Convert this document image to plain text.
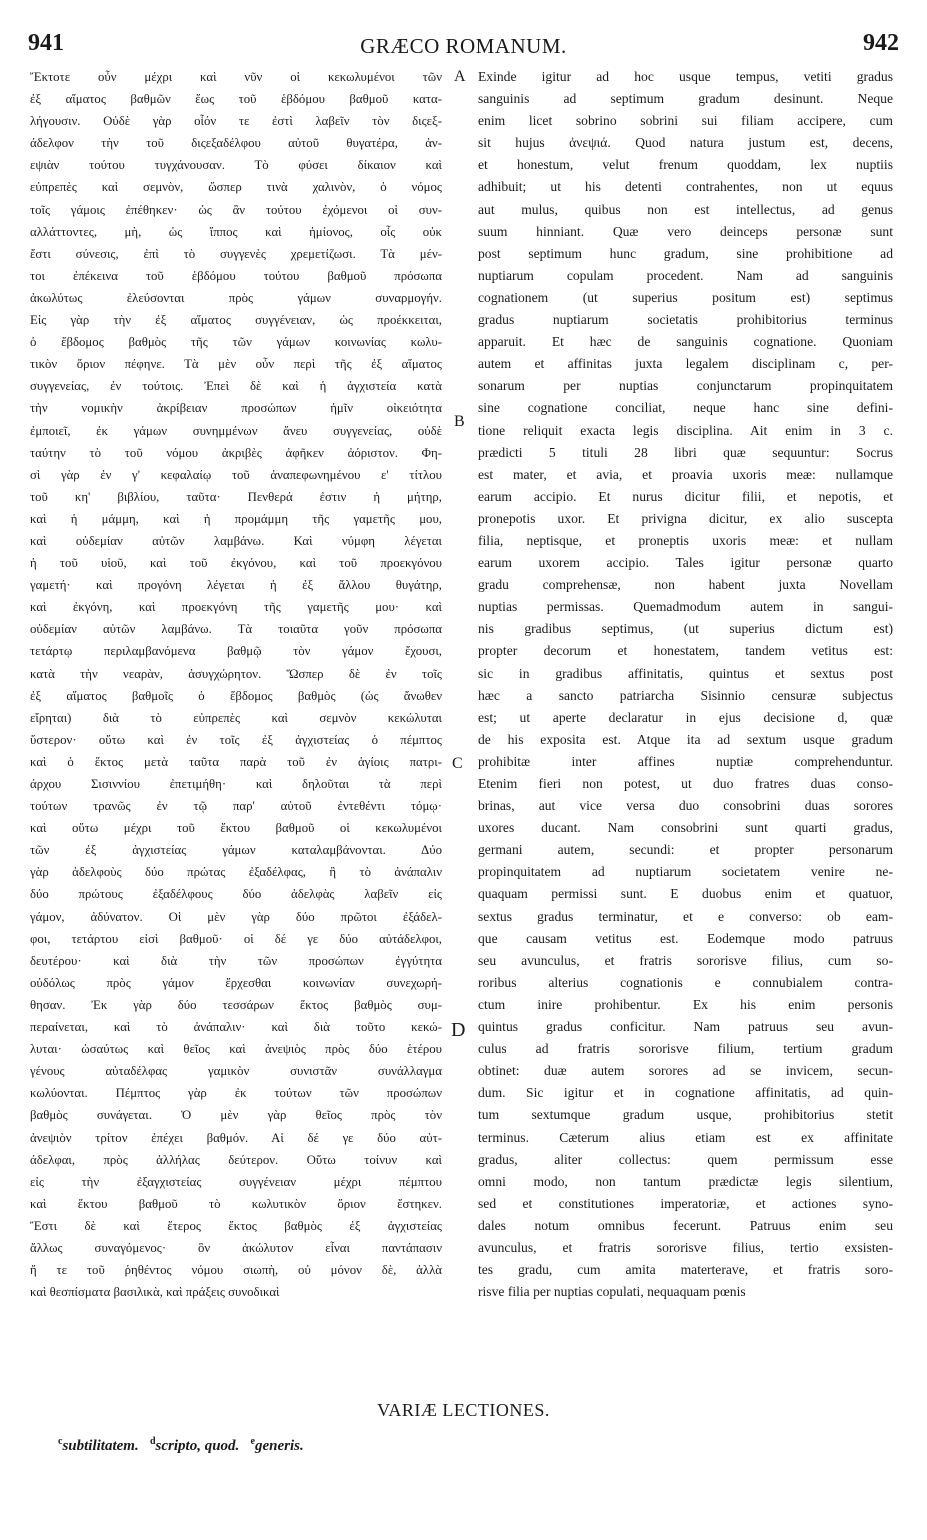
941	GRÆCO ROMANUM.	942
Ἔκτοτε οὖν μέχρι καὶ νῦν οἱ κεκωλυμένοι τῶν
ἐξ αἵματος βαθμῶν ἕως τοῦ ἑβδόμου βαθμοῦ κατα-
λήγουσιν. Οὐδὲ γὰρ οἷόν τε ἐστὶ λαβεῖν τὸν διςεξ-
άδελφον τὴν τοῦ διςεξαδέλφου αὐτοῦ θυγατέρα, ἀν-
εψιὰν τούτου τυγχάνουσαν. Τὸ φύσει δίκαιον καὶ
εὐπρεπὲς καὶ σεμνὸν, ὥσπερ τινὰ χαλινὸν, ὁ νόμος
τοῖς γάμοις ἐπέθηκεν· ὡς ἂν τούτου ἐχόμενοι οἱ συν-
αλλάττοντες, μὴ, ὡς ἵππος καὶ ἡμίονος, οἷς οὐκ
ἔστι σύνεσις, ἐπὶ τὸ συγγενὲς χρεμετίζωσι. Τὰ μέν-
τοι ἐπέκεινα τοῦ ἑβδόμου τούτου βαθμοῦ πρόσωπα
ἀκωλύτως ἐλεύσονται πρὸς γάμων συναρμογήν.
Εἰς γὰρ τὴν ἐξ αἵματος συγγένειαν, ὡς προέκκειται,
ὁ ἕβδομος βαθμὸς τῆς τῶν γάμων κοινωνίας κωλυ-
τικὸν ὅριον πέφηνε. Τὰ μὲν οὖν περὶ τῆς ἐξ αἵματος
συγγενείας, ἐν τούτοις. Ἐπεὶ δὲ καὶ ἡ ἀγχιστεία κατὰ
τὴν νομικὴν ἀκρίβειαν προσώπων ἡμῖν οἰκειότητα
ἐμποιεῖ, ἐκ γάμων συνημμένων ἄνευ συγγενείας, οὐδὲ
ταύτην τὸ τοῦ νόμου ἀκριβὲς ἀφῆκεν ἀόριστον. Φη-
σὶ γὰρ ἐν γ' κεφαλαίῳ τοῦ ἀναπεφωνημένου ε' τίτλου
τοῦ κη' βιβλίου, ταῦτα· Πενθερά ἐστιν ἡ μήτηρ,
καὶ ἡ μάμμη, καὶ ἡ προμάμμη τῆς γαμετῆς μου,
καὶ οὐδεμίαν αὐτῶν λαμβάνω. Καὶ νύμφη λέγεται
ἡ τοῦ υἱοῦ, καὶ τοῦ ἐκγόνου, καὶ τοῦ προεκγόνου
γαμετή· καὶ προγόνη λέγεται ἡ ἐξ ἄλλου θυγάτηρ,
καὶ ἐκγόνη, καὶ προεκγόνη τῆς γαμετῆς μου· καὶ
οὐδεμίαν αὐτῶν λαμβάνω. Τὰ τοιαῦτα γοῦν πρόσωπα
τετάρτῳ περιλαμβανόμενα βαθμῷ τὸν γάμον ἔχουσι,
κατὰ τὴν νεαρὰν, ἀσυγχώρητον. Ὥσπερ δὲ ἐν τοῖς
ἐξ αἵματος βαθμοῖς ὁ ἕβδομος βαθμὸς (ὡς ἄνωθεν
εἴρηται) διὰ τὸ εὐπρεπὲς καὶ σεμνὸν κεκώλυται
ὕστερον· οὕτω καὶ ἐν τοῖς ἐξ ἀγχιστείας ὁ πέμπτος
καὶ ὁ ἕκτος μετὰ ταῦτα παρὰ τοῦ ἐν ἁγίοις πατρι-
άρχου Σισιννίου ἐπετιμήθη· καὶ δηλοῦται τὰ περὶ
τούτων τρανῶς ἐν τῷ παρ' αὐτοῦ ἐντεθέντι τόμῳ·
καὶ οὕτω μέχρι τοῦ ἕκτου βαθμοῦ οἱ κεκωλυμένοι
τῶν ἐξ ἀγχιστείας γάμων καταλαμβάνονται. Δύο
γὰρ ἀδελφοὺς δύο πρώτας ἐξαδέλφας, ἢ τὸ ἀνάπαλιν
δύο πρώτους ἐξαδέλφους δύο ἀδελφὰς λαβεῖν εἰς
γάμον, ἀδύνατον. Οἱ μὲν γὰρ δύο πρῶτοι ἐξάδελ-
φοι, τετάρτου εἰσὶ βαθμοῦ· οἱ δέ γε δύο αὐτάδελφοι,
δευτέρου· καὶ διὰ τὴν τῶν προσώπων ἐγγύτητα
οὐδόλως πρὸς γάμον ἔρχεσθαι κοινωνίαν συνεχωρή-
θησαν. Ἐκ γὰρ δύο τεσσάρων ἕκτος βαθμὸς συμ-
περαίνεται, καὶ τὸ ἀνάπαλιν· καὶ διὰ τοῦτο κεκώ-
λυται· ὡσαύτως καὶ θεῖος καὶ ἀνεψιὸς πρὸς δύο ἑτέρου
γένους αὐταδέλφας γαμικὸν συνιστᾶν συνάλλαγμα
κωλύονται. Πέμπτος γὰρ ἐκ τούτων τῶν προσώπων
βαθμὸς συνάγεται. Ὁ μὲν γὰρ θεῖος πρὸς τὸν
ἀνεψιὸν τρίτον ἐπέχει βαθμόν. Αἱ δέ γε δύο αὐτ-
άδελφαι, πρὸς ἀλλήλας δεύτερον. Οὕτω τοίνυν καὶ
εἰς τὴν ἐξαγχιστείας συγγένειαν μέχρι πέμπτου
καὶ ἕκτου βαθμοῦ τὸ κωλυτικὸν ὅριον ἔστηκεν.
Ἔστι δὲ καὶ ἕτερος ἕκτος βαθμὸς ἐξ ἀγχιστείας
ἄλλως συναγόμενος· ὃν ἀκώλυτον εἶναι παντάπασιν
ἥ τε τοῦ ῥηθέντος νόμου σιωπὴ, οὐ μόνον δὲ, ἀλλὰ
καὶ θεσπίσματα βασιλικὰ, καὶ πράξεις συνοδικαὶ
Exinde igitur ad hoc usque tempus, vetiti gradus
sanguinis ad septimum gradum desinunt. Neque
enim licet sobrino sobrini sui filiam accipere, cum
sit hujus ἀνεψιά. Quod natura justum est, decens,
et honestum, velut frenum quoddam, lex nuptiis
adhibuit; ut his detenti contrahentes, non ut equus
aut mulus, quibus non est intellectus, ad genus
suum hinniant. Quæ vero deinceps personæ sunt
post septimum hunc gradum, sine prohibitione ad
nuptiarum copulam procedent. Nam ad sanguinis
cognationem (ut superius positum est) septimus
gradus nuptiarum societatis prohibitorius terminus
apparuit. Et hæc de sanguinis cognatione. Quoniam
autem et affinitas juxta legalem disciplinam c, per-
sonarum per nuptias conjunctarum propinquitatem
sine cognatione conciliat, neque hanc sine defini-
tione reliquit exacta legis disciplina. Ait enim in 3 c.
prædicti 5 tituli 28 libri quæ sequuntur: Socrus
est mater, et avia, et proavia uxoris meæ: nullamque
earum accipio. Et nurus dicitur filii, et nepotis, et
pronepotis uxor. Et privigna dicitur, ex alio suscepta
filia, neptisque, et proneptis uxoris meæ: et nullam
earum uxorem accipio. Tales igitur personæ quarto
gradu comprehensæ, non habent juxta Novellam
nuptias permissas. Quemadmodum autem in sangui-
nis gradibus septimus, (ut superius dictum est)
propter decorum et honestatem, tandem vetitus est:
sic in gradibus affinitatis, quintus et sextus post
hæc a sancto patriarcha Sisinnio censuræ subjectus
est; ut aperte declaratur in ejus decisione d, quæ
de his exposita est. Atque ita ad sextum usque gradum
prohibitæ inter affines nuptiæ comprehenduntur.
Etenim fieri non potest, ut duo fratres duas conso-
brinas, aut vice versa duo consobrini duas sorores
uxores ducant. Nam consobrini sunt quarti gradus,
germani autem, secundi: et propter personarum
propinquitatem ad nuptiarum societatem venire ne-
quaquam permissi sunt. E duobus enim et quatuor,
sextus gradus terminatur, et e converso: ob eam-
que causam vetitus est. Eodemque modo patruus
seu avunculus, et fratris sororisve filius, cum so-
roribus alterius cognationis e connubialem contra-
ctum inire prohibentur. Ex his enim personis
quintus gradus conficitur. Nam patruus seu avun-
culus ad fratris sororisve filium, tertium gradum
obtinet: duæ autem sorores ad se invicem, secun-
dum. Sic igitur et in cognatione affinitatis, ad quin-
tum sextumque gradum usque, prohibitorius stetit
terminus. Cæterum alius etiam est ex affinitate
gradus, aliter collectus: quem permissum esse
omni modo, non tantum prædictæ legis silentium,
sed et constitutiones imperatoriæ, et actiones syno-
dales notum omnibus fecerunt. Patruus enim seu
avunculus, et fratris sororisve filius, tertio exsisten-
tes gradu, cum amita materterave, et fratris soro-
risve filia per nuptias copulati, nequaquam pœnis
A
B
C
D
VARIÆ LECTIONES.
$^c$subtilitatem. $^d$scripto, quod. $^e$generis.
